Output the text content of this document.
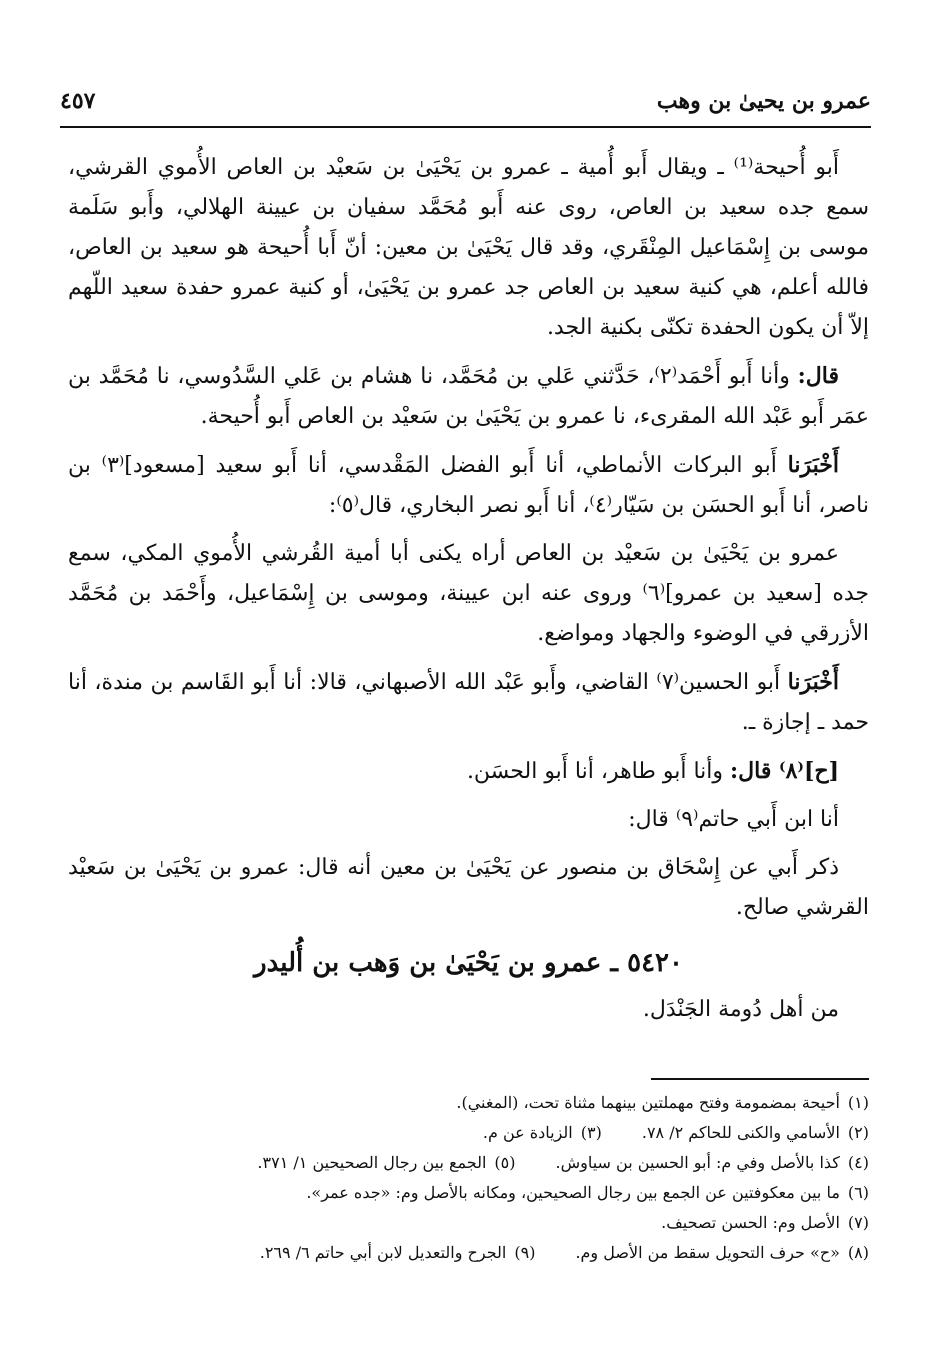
عمرو بن يحيىٰ بن وهب
٤٥٧

أَبو أُحيحة⁽¹⁾ ـ ويقال أَبو أُمية ـ عمرو بن يَحْيَىٰ بن سَعيْد بن العاص الأُموي القرشي، سمع جده سعيد بن العاص، روى عنه أَبو مُحَمَّد سفيان بن عيينة الهلالي، وأَبو سَلَمة موسى بن إِسْمَاعيل المِنْقَري، وقد قال يَحْيَىٰ بن معين: أنّ أَبا أُحيحة هو سعيد بن العاص، فالله أعلم، هي كنية سعيد بن العاص جد عمرو بن يَحْيَىٰ، أو كنية عمرو حفدة سعيد اللّهم إلاّ أن يكون الحفدة تكنّى بكنية الجد.

قال: وأنا أَبو أَحْمَد⁽٢⁾، حَدَّثني عَلي بن مُحَمَّد، نا هشام بن عَلي السَّدُوسي، نا مُحَمَّد بن عمَر أَبو عَبْد الله المقرىء، نا عمرو بن يَحْيَىٰ بن سَعيْد بن العاص أَبو أُحيحة.

أَخْبَرَنا أَبو البركات الأنماطي، أنا أَبو الفضل المَقْدسي، أنا أَبو سعيد [مسعود]⁽٣⁾ بن ناصر، أنا أَبو الحسَن بن سَيّار⁽٤⁾، أنا أَبو نصر البخاري، قال⁽٥⁾:

عمرو بن يَحْيَىٰ بن سَعيْد بن العاص أراه يكنى أبا أمية القُرشي الأُموي المكي، سمع جده [سعيد بن عمرو]⁽٦⁾ وروى عنه ابن عيينة، وموسى بن إِسْمَاعيل، وأَحْمَد بن مُحَمَّد الأزرقي في الوضوء والجهاد ومواضع.

أَخْبَرَنا أَبو الحسين⁽٧⁾ القاضي، وأَبو عَبْد الله الأصبهاني، قالا: أنا أَبو القَاسم بن مندة، أنا حمد ـ إجازة ـ.

[ح]⁽٨⁾ قال: وأنا أَبو طاهر، أنا أَبو الحسَن.

أنا ابن أَبي حاتم⁽٩⁾ قال:

ذكر أَبي عن إِسْحَاق بن منصور عن يَحْيَىٰ بن معين أنه قال: عمرو بن يَحْيَىٰ بن سَعيْد القرشي صالح.

٥٤٢٠ ـ عمرو بن يَحْيَىٰ بن وَهب بن أُليدر

من أهل دُومة الجَنْدَل.

(١)أحيحة بمضمومة وفتح مهملتين بينهما مثناة تحت، (المغني).
(٢)الأسامي والكنى للحاكم ٢/ ٧٨.
(٣)الزيادة عن م.
(٤)كذا بالأصل وفي م: أبو الحسين بن سياوش.
(٥)الجمع بين رجال الصحيحين ١/ ٣٧١.
(٦)ما بين معكوفتين عن الجمع بين رجال الصحيحين، ومكانه بالأصل وم: «جده عمر».
(٧)الأصل وم: الحسن تصحيف.
(٨)«ح» حرف التحويل سقط من الأصل وم.
(٩)الجرح والتعديل لابن أبي حاتم ٦/ ٢٦٩.
